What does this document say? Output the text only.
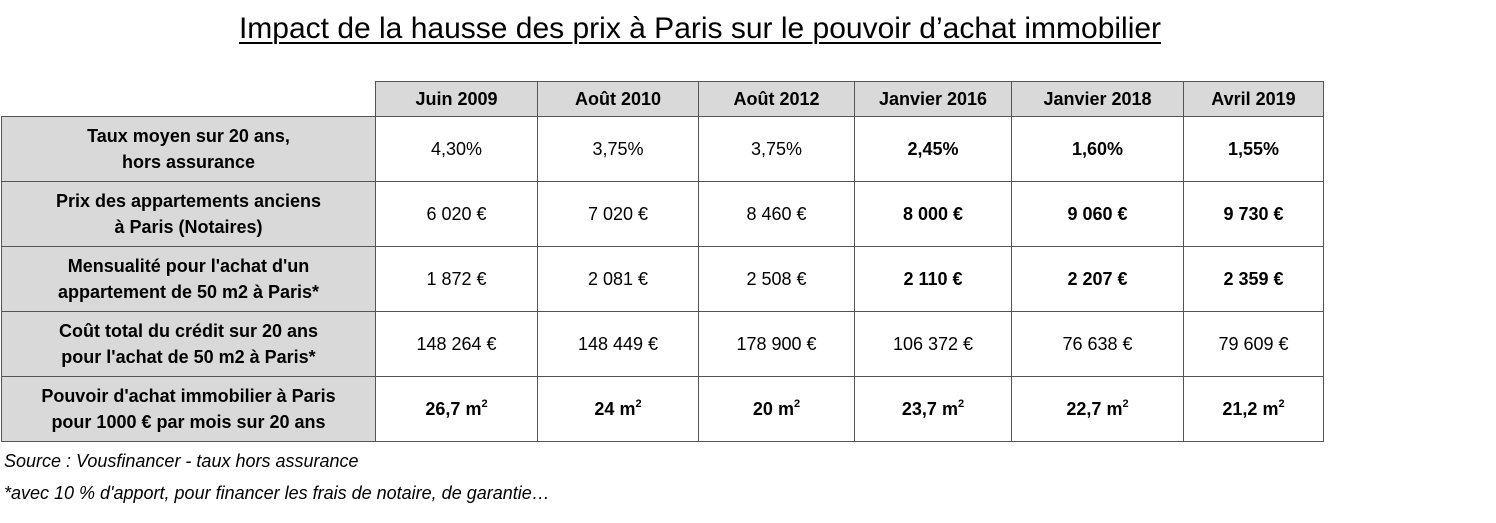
Impact de la hausse des prix à Paris sur le pouvoir d’achat immobilier
	Juin 2009	Août 2010	Août 2012	Janvier 2016	Janvier 2018	Avril 2019

Taux moyen sur 20 ans,
hors assurance	4,30%	3,75%	3,75%	2,45%	1,60%	1,55%

Prix des appartements anciens
à Paris (Notaires)	6 020 €	7 020 €	8 460 €	8 000 €	9 060 €	9 730 €

Mensualité pour l'achat d'un
appartement de 50 m2 à Paris*	1 872 €	2 081 €	2 508 €	2 110 €	2 207 €	2 359 €

Coût total du crédit sur 20 ans
pour l'achat de 50 m2 à Paris*	148 264 €	148 449 €	178 900 €	106 372 €	76 638 €	79 609 €

Pouvoir d'achat immobilier à Paris
pour 1000 € par mois sur 20 ans	26,7 $m^2$	24 $m^2$	20 $m^2$	23,7 $m^2$	22,7 $m^2$	21,2 $m^2$
Source : Vousfinancer - taux hors assurance
*avec 10 % d'apport, pour financer les frais de notaire, de garantie…
